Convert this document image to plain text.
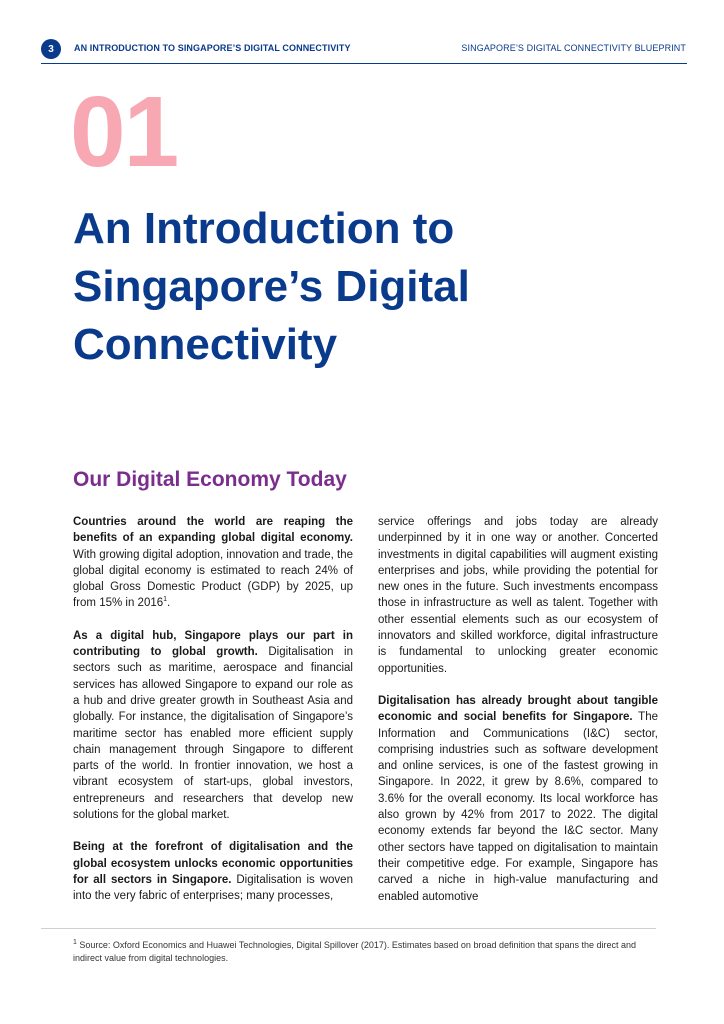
3	AN INTRODUCTION TO SINGAPORE’S DIGITAL CONNECTIVITY	SINGAPORE’S DIGITAL CONNECTIVITY BLUEPRINT
01
An Introduction to
Singapore’s Digital
Connectivity
Our Digital Economy Today

Countries around the world are reaping the benefits of an expanding global digital economy. With growing digital adoption, innovation and trade, the global digital economy is estimated to reach 24% of global Gross Domestic Product (GDP) by 2025, up from 15% in 2016$^1$.

As a digital hub, Singapore plays our part in contributing to global growth. Digitalisation in sectors such as maritime, aerospace and financial services has allowed Singapore to expand our role as a hub and drive greater growth in Southeast Asia and globally. For instance, the digitalisation of Singapore’s maritime sector has enabled more efficient supply chain management through Singapore to different parts of the world. In frontier innovation, we host a vibrant ecosystem of start-ups, global investors, entrepreneurs and researchers that develop new solutions for the global market.

Being at the forefront of digitalisation and the global ecosystem unlocks economic opportunities for all sectors in Singapore. Digitalisation is woven into the very fabric of enterprises; many processes,

service offerings and jobs today are already underpinned by it in one way or another. Concerted investments in digital capabilities will augment existing enterprises and jobs, while providing the potential for new ones in the future. Such investments encompass those in infrastructure as well as talent. Together with other essential elements such as our ecosystem of innovators and skilled workforce, digital infrastructure is fundamental to unlocking greater economic opportunities.

Digitalisation has already brought about tangible economic and social benefits for Singapore. The Information and Communications (I&C) sector, comprising industries such as software development and online services, is one of the fastest growing in Singapore. In 2022, it grew by 8.6%, compared to 3.6% for the overall economy. Its local workforce has also grown by 42% from 2017 to 2022. The digital economy extends far beyond the I&C sector. Many other sectors have tapped on digitalisation to maintain their competitive edge. For example, Singapore has carved a niche in high-value manufacturing and enabled automotive

$^1$ Source: Oxford Economics and Huawei Technologies, Digital Spillover (2017). Estimates based on broad definition that spans the direct and indirect value from digital technologies.
